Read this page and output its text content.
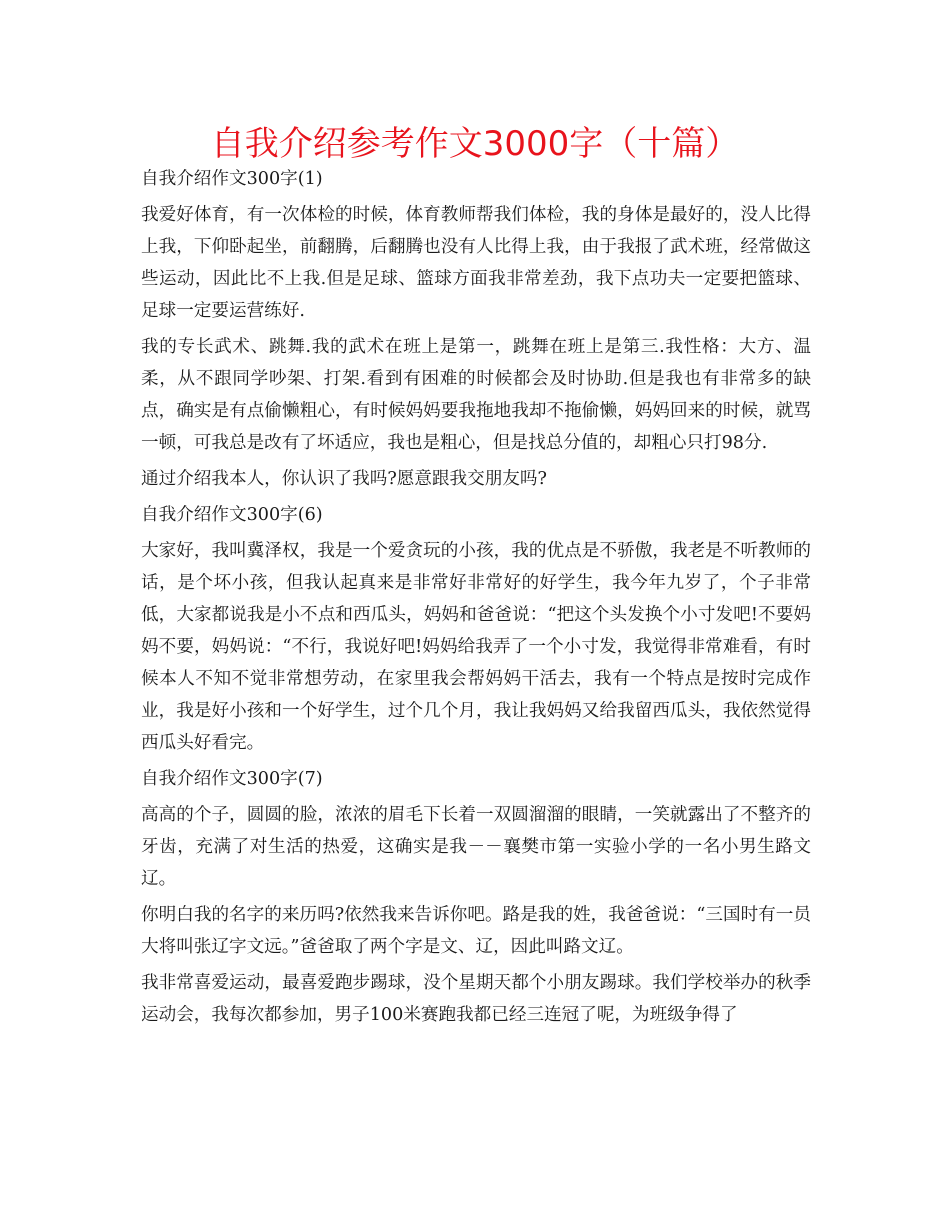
自我介绍参考作文3000字（十篇）

自我介绍作文300字(1)

我爱好体育，有一次体检的时候，体育教师帮我们体检，我的身体是最好的，没人比得上我，下仰卧起坐，前翻腾，后翻腾也没有人比得上我，由于我报了武术班，经常做这些运动，因此比不上我.但是足球、篮球方面我非常差劲，我下点功夫一定要把篮球、足球一定要运营练好.

我的专长武术、跳舞.我的武术在班上是第一，跳舞在班上是第三.我性格：大方、温柔，从不跟同学吵架、打架.看到有困难的时候都会及时协助.但是我也有非常多的缺点，确实是有点偷懒粗心，有时候妈妈要我拖地我却不拖偷懒，妈妈回来的时候，就骂一顿，可我总是改有了坏适应，我也是粗心，但是找总分值的，却粗心只打98分.

通过介绍我本人，你认识了我吗?愿意跟我交朋友吗?

自我介绍作文300字(6)

大家好，我叫冀泽权，我是一个爱贪玩的小孩，我的优点是不骄傲，我老是不听教师的话，是个坏小孩，但我认起真来是非常好非常好的好学生，我今年九岁了，个子非常低，大家都说我是小不点和西瓜头，妈妈和爸爸说：“把这个头发换个小寸发吧!不要妈妈不要，妈妈说：“不行，我说好吧!妈妈给我弄了一个小寸发，我觉得非常难看，有时候本人不知不觉非常想劳动，在家里我会帮妈妈干活去，我有一个特点是按时完成作业，我是好小孩和一个好学生，过个几个月，我让我妈妈又给我留西瓜头，我依然觉得西瓜头好看完。

自我介绍作文300字(7)

高高的个子，圆圆的脸，浓浓的眉毛下长着一双圆溜溜的眼睛，一笑就露出了不整齐的牙齿，充满了对生活的热爱，这确实是我－－襄樊市第一实验小学的一名小男生路文辽。

你明白我的名字的来历吗?依然我来告诉你吧。路是我的姓，我爸爸说：“三国时有一员大将叫张辽字文远。”爸爸取了两个字是文、辽，因此叫路文辽。

我非常喜爱运动，最喜爱跑步踢球，没个星期天都个小朋友踢球。我们学校举办的秋季运动会，我每次都参加，男子100米赛跑我都已经三连冠了呢，为班级争得了
